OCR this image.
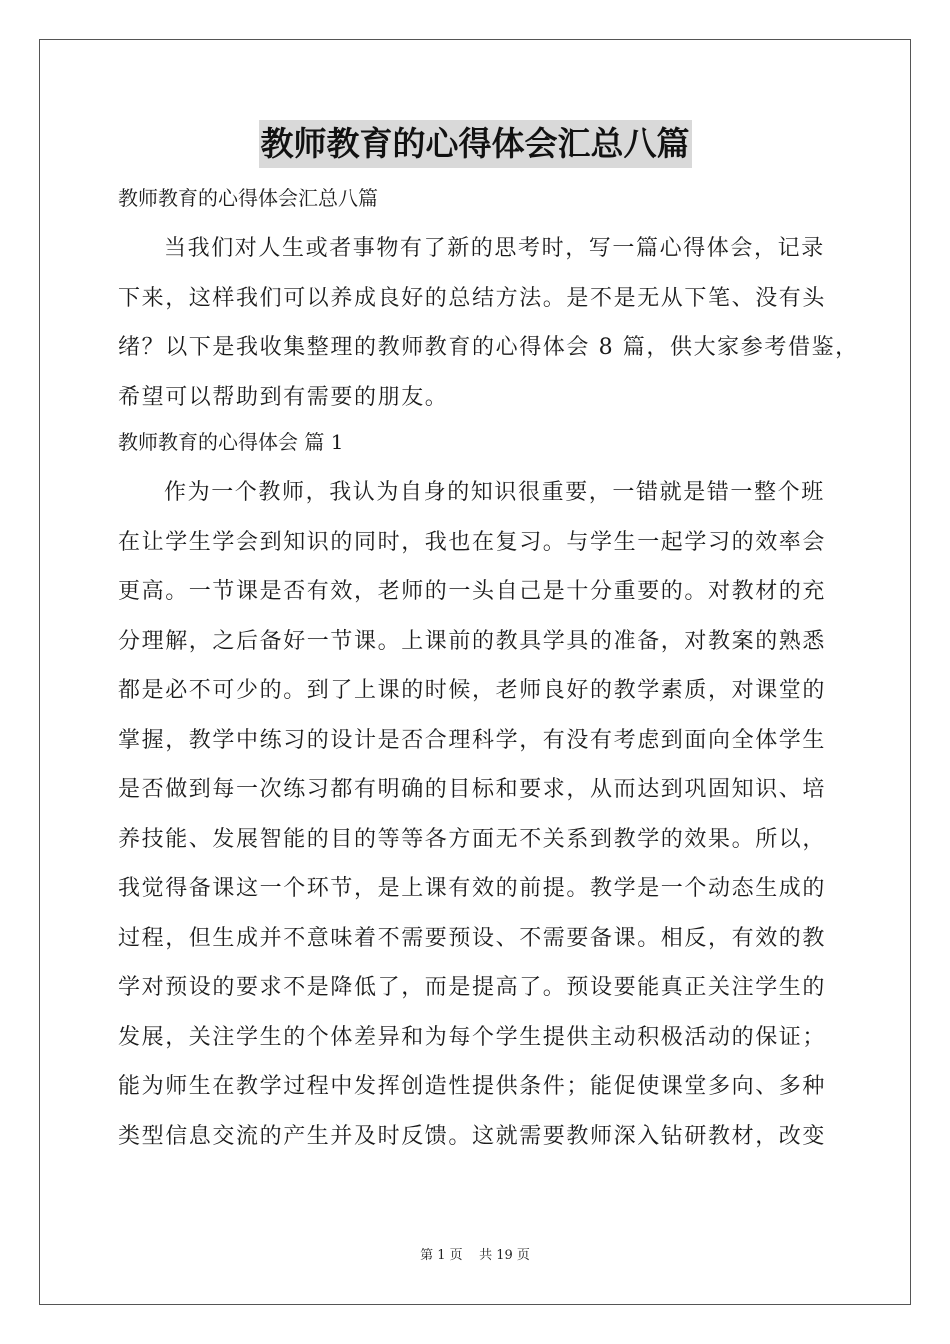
教师教育的心得体会汇总八篇
教师教育的心得体会汇总八篇

当我们对人生或者事物有了新的思考时，写一篇心得体会，记录
下来，这样我们可以养成良好的总结方法。是不是无从下笔、没有头
绪？以下是我收集整理的教师教育的心得体会 8 篇，供大家参考借鉴，
希望可以帮助到有需要的朋友。

教师教育的心得体会 篇 1

作为一个教师，我认为自身的知识很重要，一错就是错一整个班
在让学生学会到知识的同时，我也在复习。与学生一起学习的效率会
更高。一节课是否有效，老师的一头自己是十分重要的。对教材的充
分理解，之后备好一节课。上课前的教具学具的准备，对教案的熟悉
都是必不可少的。到了上课的时候，老师良好的教学素质，对课堂的
掌握，教学中练习的设计是否合理科学，有没有考虑到面向全体学生
是否做到每一次练习都有明确的目标和要求，从而达到巩固知识、培
养技能、发展智能的目的等等各方面无不关系到教学的效果。所以，
我觉得备课这一个环节，是上课有效的前提。教学是一个动态生成的
过程，但生成并不意味着不需要预设、不需要备课。相反，有效的教
学对预设的要求不是降低了，而是提高了。预设要能真正关注学生的
发展，关注学生的个体差异和为每个学生提供主动积极活动的保证；
能为师生在教学过程中发挥创造性提供条件；能促使课堂多向、多种
类型信息交流的产生并及时反馈。这就需要教师深入钻研教材，改变

第 1 页    共 19 页
